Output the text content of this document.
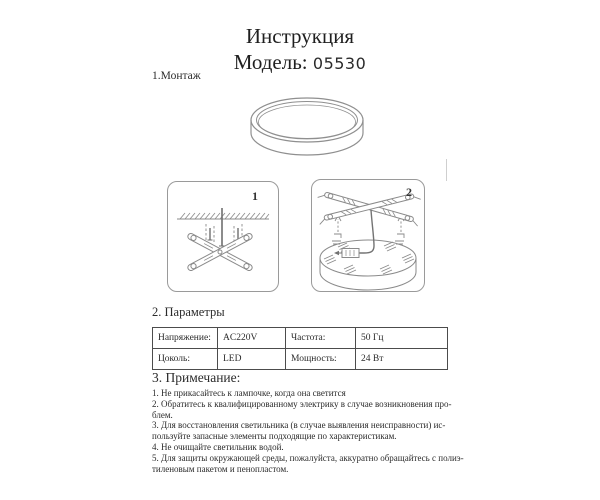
Инструкция
Модель: 05530
1.Монтаж
1	2
2. Параметры
Напряжение:	AC220V	Частота:	50 Гц
Цоколь:	LED	Мощность:	24 Вт
3. Примечание:
1. Не прикасайтесь к лампочке, когда она светится
2. Обратитесь к квалифицированному электрику в случае возникновения про-
блем.
3. Для восстановления светильника (в случае выявления неисправности) ис-
пользуйте запасные элементы подходящие по характеристикам.
4. Не очищайте светильник водой.
5. Для защиты окружающей среды, пожалуйста, аккуратно обращайтесь с полиэ-
тиленовым пакетом и пенопластом.
